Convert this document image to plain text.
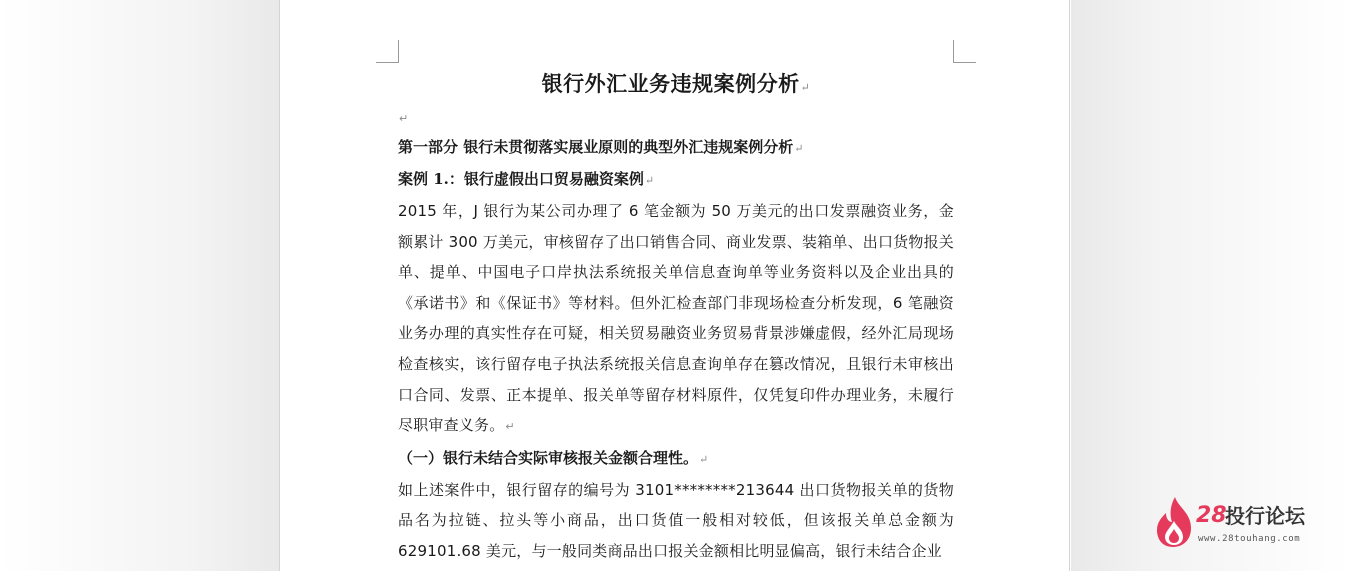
银行外汇业务违规案例分析↵
↵

第一部分 银行未贯彻落实展业原则的典型外汇违规案例分析↵

案例 1.：银行虚假出口贸易融资案例↵

2015 年，J 银行为某公司办理了 6 笔金额为 50 万美元的出口发票融资业务，金额累计 300 万美元，审核留存了出口销售合同、商业发票、装箱单、出口货物报关单、提单、中国电子口岸执法系统报关单信息查询单等业务资料以及企业出具的《承诺书》和《保证书》等材料。但外汇检查部门非现场检查分析发现，6 笔融资业务办理的真实性存在可疑，相关贸易融资业务贸易背景涉嫌虚假，经外汇局现场检查核实，该行留存电子执法系统报关信息查询单存在篡改情况，且银行未审核出口合同、发票、正本提单、报关单等留存材料原件，仅凭复印件办理业务，未履行尽职审查义务。↵

（一）银行未结合实际审核报关金额合理性。↵

如上述案件中，银行留存的编号为 3101********213644 出口货物报关单的货物品名为拉链、拉头等小商品，出口货值一般相对较低，但该报关单总金额为 629101.68 美元，与一般同类商品出口报关金额相比明显偏高，银行未结合企业

28
投行论坛
www.28touhang.com
